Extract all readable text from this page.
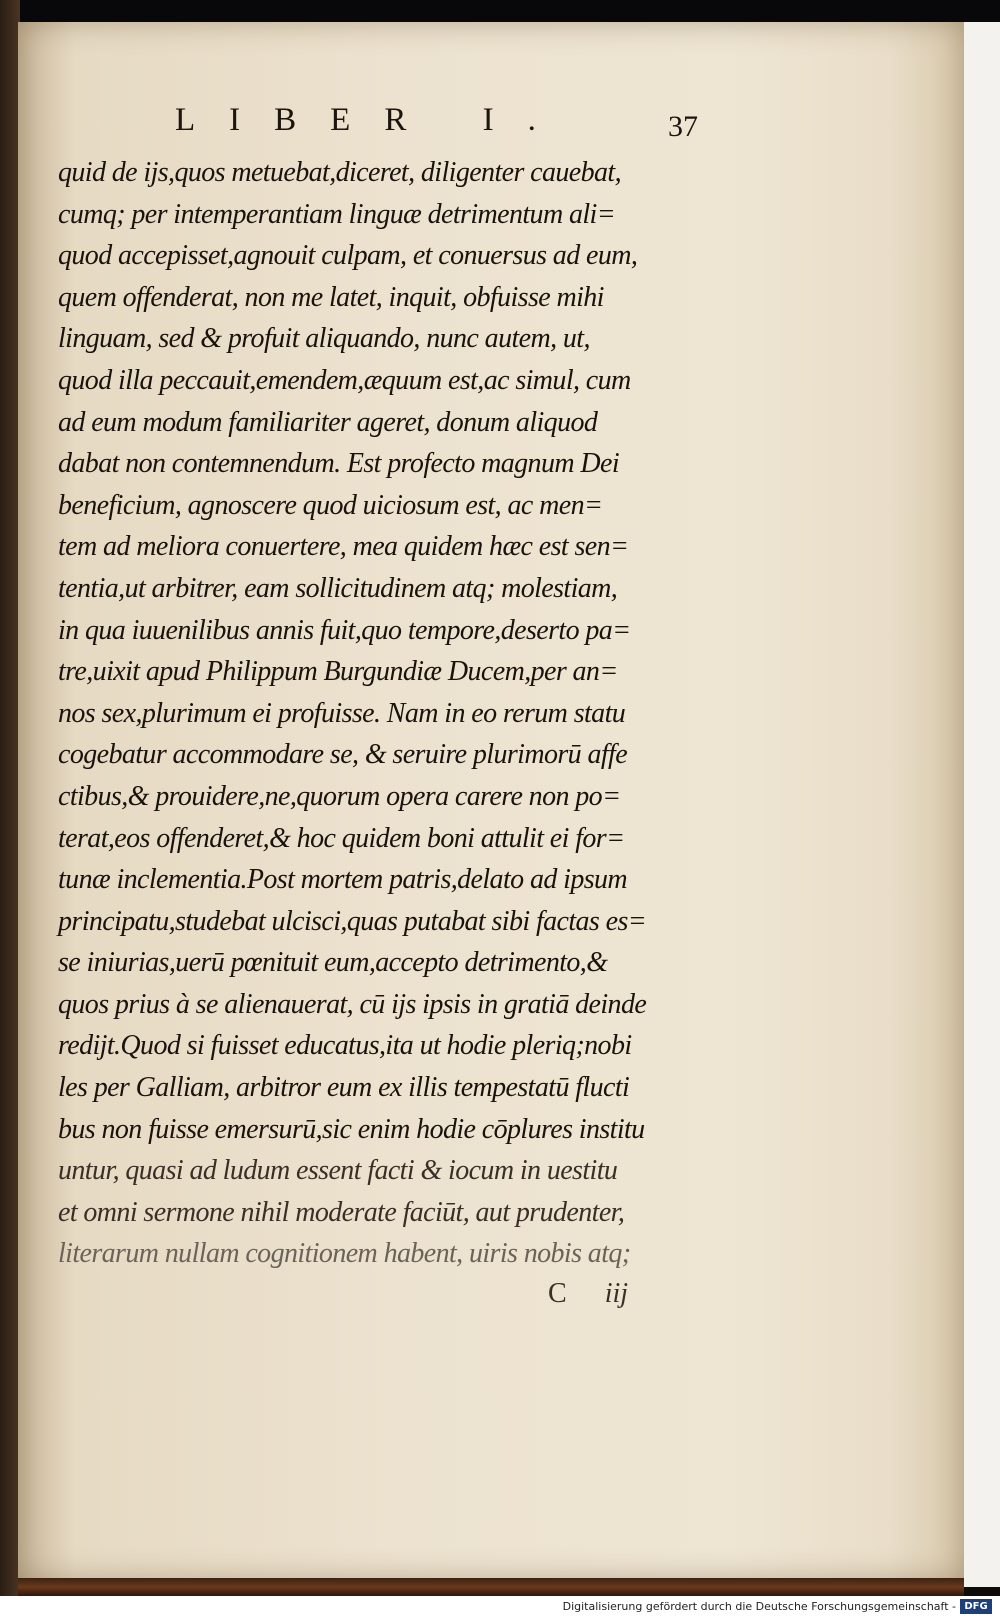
LIBER I.	37
quid de ijs,quos metuebat,diceret, diligenter cauebat,
cumq; per intemperantiam linguæ detrimentum ali=
quod accepisset,agnouit culpam, et conuersus ad eum,
quem offenderat, non me latet, inquit, obfuisse mihi
linguam, sed & profuit aliquando, nunc autem, ut,
quod illa peccauit,emendem,æquum est,ac simul, cum
ad eum modum familiariter ageret, donum aliquod
dabat non contemnendum. Est profecto magnum Dei
beneficium, agnoscere quod uiciosum est, ac men=
tem ad meliora conuertere, mea quidem hæc est sen=
tentia,ut arbitrer, eam sollicitudinem atq; molestiam,
in qua iuuenilibus annis fuit,quo tempore,deserto pa=
tre,uixit apud Philippum Burgundiæ Ducem,per an=
nos sex,plurimum ei profuisse. Nam in eo rerum statu
cogebatur accommodare se, & seruire plurimorū affe
ctibus,& prouidere,ne,quorum opera carere non po=
terat,eos offenderet,& hoc quidem boni attulit ei for=
tunæ inclementia.Post mortem patris,delato ad ipsum
principatu,studebat ulcisci,quas putabat sibi factas es=
se iniurias,uerū pœnituit eum,accepto detrimento,&
quos prius à se alienauerat, cū ijs ipsis in gratiā deinde
redijt.Quod si fuisset educatus,ita ut hodie pleriq;nobi
les per Galliam, arbitror eum ex illis tempestatū flucti
bus non fuisse emersurū,sic enim hodie cōplures institu
untur, quasi ad ludum essent facti & iocum in uestitu
et omni sermone nihil moderate faciūt, aut prudenter,
literarum nullam cognitionem habent, uiris nobis atq;
C iij
Digitalisierung gefördert durch die Deutsche Forschungsgemeinschaft - DFG
